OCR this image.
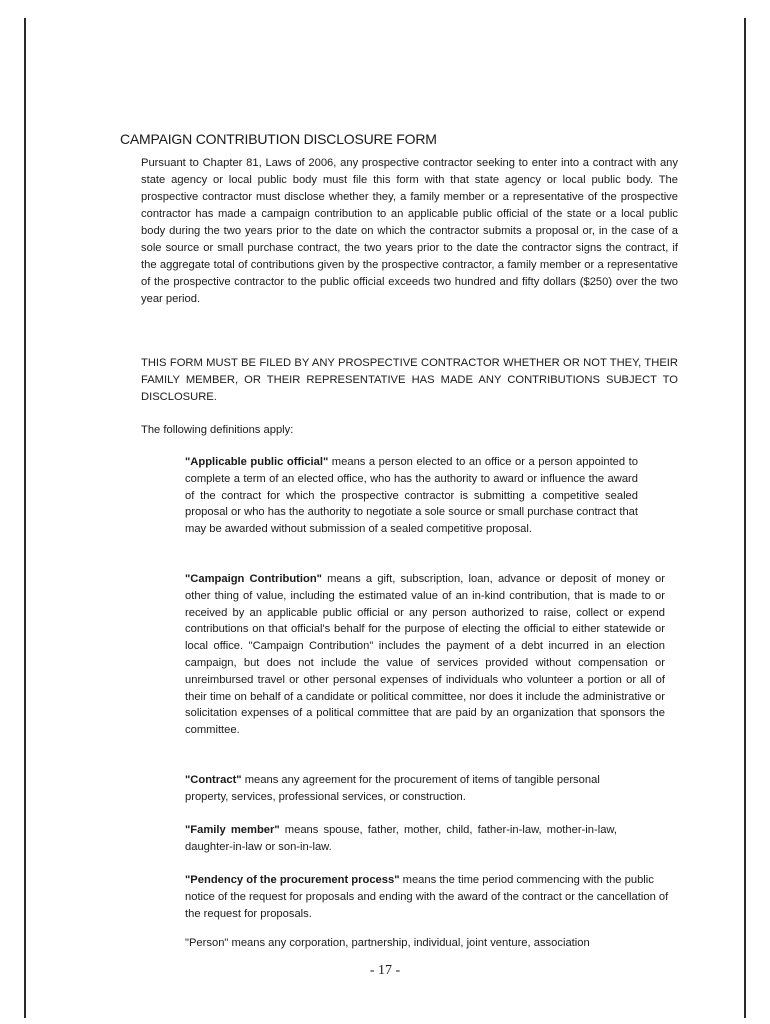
CAMPAIGN CONTRIBUTION DISCLOSURE FORM

Pursuant to Chapter 81, Laws of 2006, any prospective contractor seeking to enter into a contract with any state agency or local public body must file this form with that state agency or local public body. The prospective contractor must disclose whether they, a family member or a representative of the prospective contractor has made a campaign contribution to an applicable public official of the state or a local public body during the two years prior to the date on which the contractor submits a proposal or, in the case of a sole source or small purchase contract, the two years prior to the date the contractor signs the contract, if the aggregate total of contributions given by the prospective contractor, a family member or a representative of the prospective contractor to the public official exceeds two hundred and fifty dollars ($250) over the two year period.

THIS FORM MUST BE FILED BY ANY PROSPECTIVE CONTRACTOR WHETHER OR NOT THEY, THEIR FAMILY MEMBER, OR THEIR REPRESENTATIVE HAS MADE ANY CONTRIBUTIONS SUBJECT TO DISCLOSURE.

The following definitions apply:

"Applicable public official" means a person elected to an office or a person appointed to complete a term of an elected office, who has the authority to award or influence the award of the contract for which the prospective contractor is submitting a competitive sealed proposal or who has the authority to negotiate a sole source or small purchase contract that may be awarded without submission of a sealed competitive proposal.

"Campaign Contribution" means a gift, subscription, loan, advance or deposit of money or other thing of value, including the estimated value of an in-kind contribution, that is made to or received by an applicable public official or any person authorized to raise, collect or expend contributions on that official's behalf for the purpose of electing the official to either statewide or local office. "Campaign Contribution" includes the payment of a debt incurred in an election campaign, but does not include the value of services provided without compensation or unreimbursed travel or other personal expenses of individuals who volunteer a portion or all of their time on behalf of a candidate or political committee, nor does it include the administrative or solicitation expenses of a political committee that are paid by an organization that sponsors the committee.

"Contract" means any agreement for the procurement of items of tangible personal property, services, professional services, or construction.

"Family member" means spouse, father, mother, child, father-in-law, mother-in-law, daughter-in-law or son-in-law.

"Pendency of the procurement process" means the time period commencing with the public notice of the request for proposals and ending with the award of the contract or the cancellation of the request for proposals.

"Person" means any corporation, partnership, individual, joint venture, association

- 17 -
